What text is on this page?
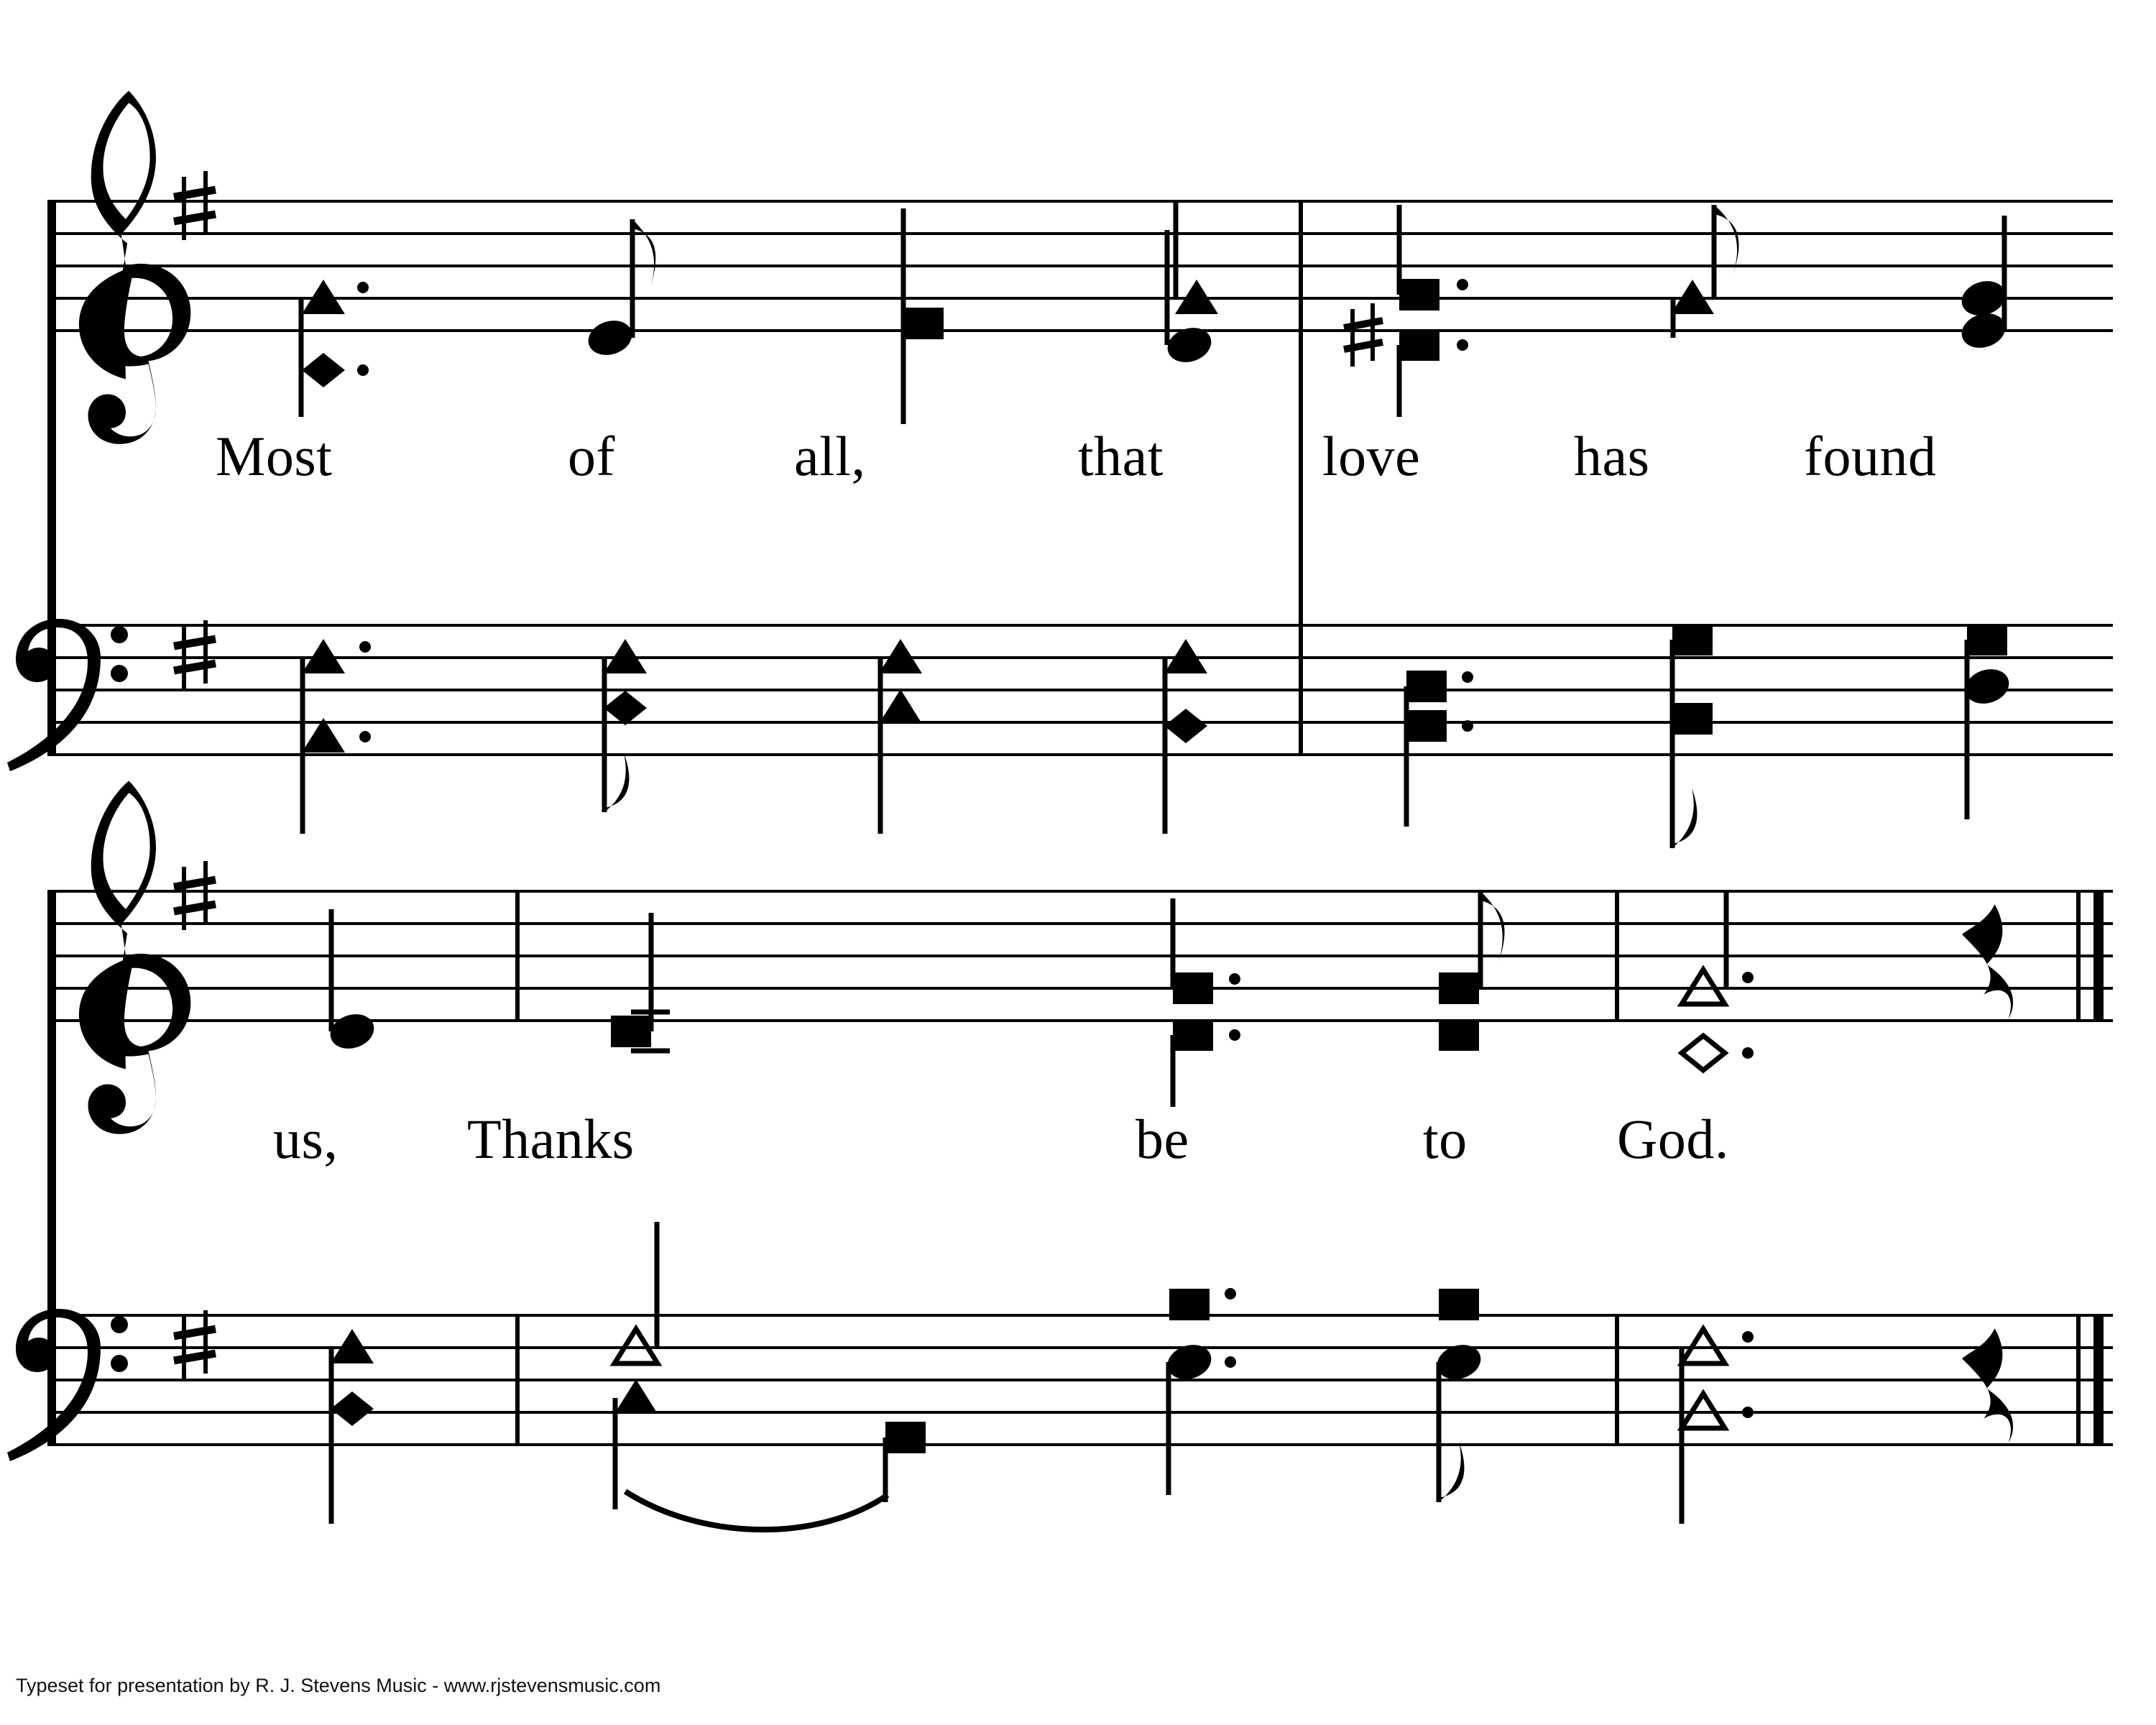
Most	of	all,	that	love	has	found
us, Thanks	be	to	God.
Typeset for presentation by R. J. Stevens Music - www.rjstevensmusic.com
